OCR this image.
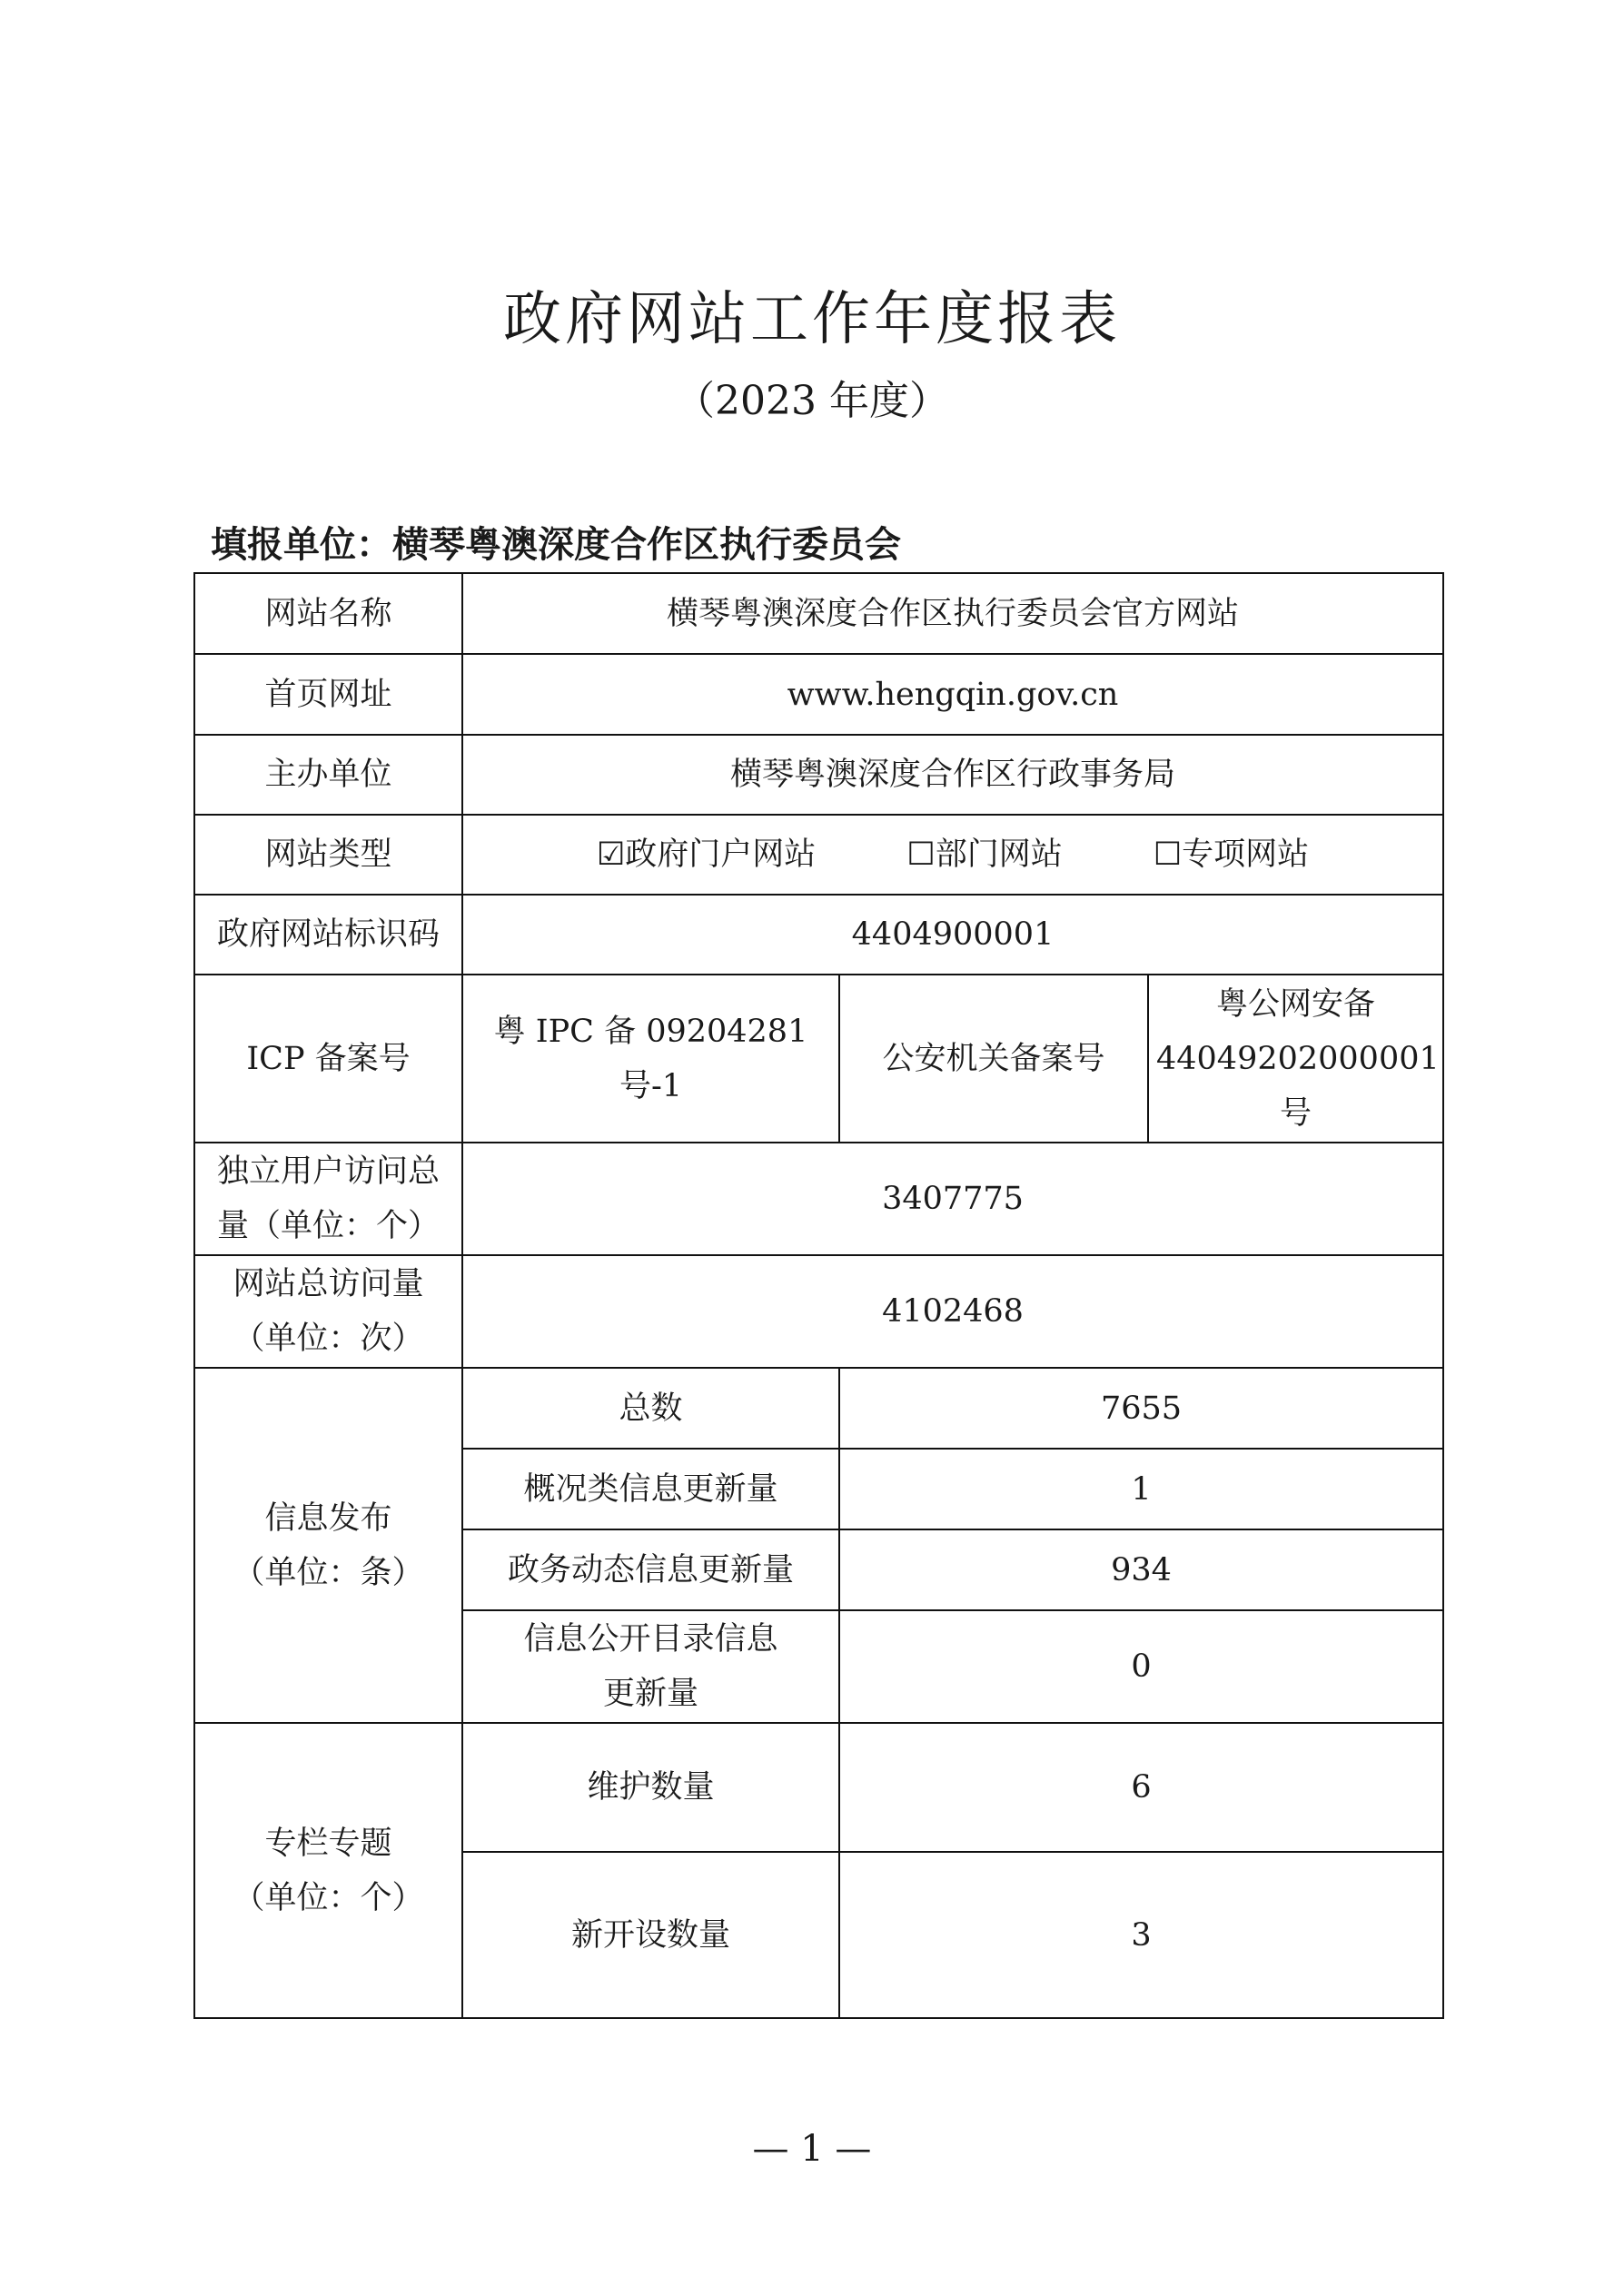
政府网站工作年度报表
（2023 年度）
填报单位：横琴粤澳深度合作区执行委员会
网站名称	横琴粤澳深度合作区执行委员会官方网站		
首页网址	www.hengqin.gov.cn		
主办单位	横琴粤澳深度合作区行政事务局		
网站类型	☑政府门户网站 ☐部门网站 ☐专项网站		

政府网站标识码	4404900001		
ICP 备案号	粤 IPC 备 09204281 号-1	公安机关备案号	粤公网安备 44049202000001 号
独立用户访问总量（单位：个）	3407775		
网站总访问量（单位：次）	4102468		

信息发布
（单位：条）	总数	7655	
	概况类信息更新量	1	
	政务动态信息更新量	934	
	信息公开目录信息更新量	0	

专栏专题
（单位：个）	维护数量	6	
	新开设数量	3	
— 1 —
